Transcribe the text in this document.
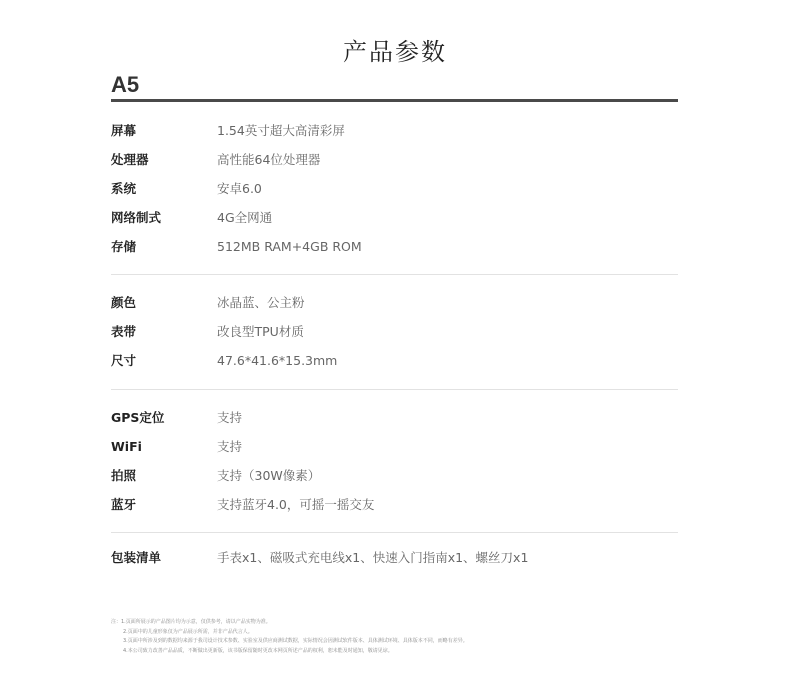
产品参数
A5
屏幕	1.54英寸超大高清彩屏
处理器	高性能64位处理器
系统	安卓6.0
网络制式	4G全网通
存储	512MB RAM+4GB ROM
颜色	冰晶蓝、公主粉
表带	改良型TPU材质
尺寸	47.6*41.6*15.3mm
GPS定位	支持
WiFi	支持
拍照	支持（30W像素）
蓝牙	支持蓝牙4.0，可摇一摇交友
包装清单	手表x1、磁吸式充电线x1、快速入门指南x1、螺丝刀x1
注：1.页面所展示的产品图片均为示意，仅供参考，请以产品实物为准。
2.页面中的儿童形象仅为产品展示所需，并非产品代言人。
3.页面中所涉及到的数据均来源于我司设计技术参数、实验室及供应商测试数据，实际情况会因测试软件版本、具体测试环境、具体版本不同，而略有差异。
4.本公司致力改善产品品质，不断做出更新版，该书版保留随时更改本网页所述产品的权利，恕未能及时通知，敬请见谅。
